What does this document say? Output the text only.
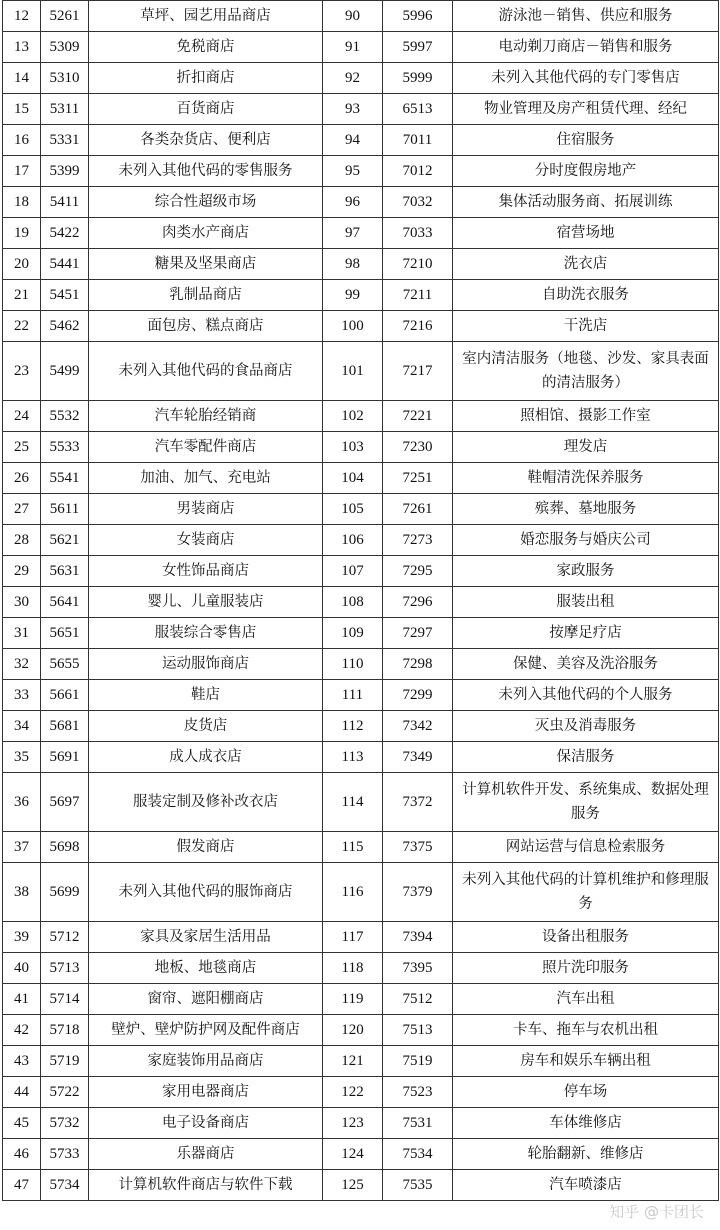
12	5261	草坪、园艺用品商店	90	5996	游泳池－销售、供应和服务
13	5309	免税商店	91	5997	电动剃刀商店－销售和服务
14	5310	折扣商店	92	5999	未列入其他代码的专门零售店
15	5311	百货商店	93	6513	物业管理及房产租赁代理、经纪
16	5331	各类杂货店、便利店	94	7011	住宿服务
17	5399	未列入其他代码的零售服务	95	7012	分时度假房地产
18	5411	综合性超级市场	96	7032	集体活动服务商、拓展训练
19	5422	肉类水产商店	97	7033	宿营场地
20	5441	糖果及坚果商店	98	7210	洗衣店
21	5451	乳制品商店	99	7211	自助洗衣服务
22	5462	面包房、糕点商店	100	7216	干洗店
23	5499	未列入其他代码的食品商店	101	7217	室内清洁服务（地毯、沙发、家具表面的清洁服务）
24	5532	汽车轮胎经销商	102	7221	照相馆、摄影工作室
25	5533	汽车零配件商店	103	7230	理发店
26	5541	加油、加气、充电站	104	7251	鞋帽清洗保养服务
27	5611	男装商店	105	7261	殡葬、墓地服务
28	5621	女装商店	106	7273	婚恋服务与婚庆公司
29	5631	女性饰品商店	107	7295	家政服务
30	5641	婴儿、儿童服装店	108	7296	服装出租
31	5651	服装综合零售店	109	7297	按摩足疗店
32	5655	运动服饰商店	110	7298	保健、美容及洗浴服务
33	5661	鞋店	111	7299	未列入其他代码的个人服务
34	5681	皮货店	112	7342	灭虫及消毒服务
35	5691	成人成衣店	113	7349	保洁服务
36	5697	服装定制及修补改衣店	114	7372	计算机软件开发、系统集成、数据处理服务
37	5698	假发商店	115	7375	网站运营与信息检索服务
38	5699	未列入其他代码的服饰商店	116	7379	未列入其他代码的计算机维护和修理服务
39	5712	家具及家居生活用品	117	7394	设备出租服务
40	5713	地板、地毯商店	118	7395	照片洗印服务
41	5714	窗帘、遮阳棚商店	119	7512	汽车出租
42	5718	壁炉、壁炉防护网及配件商店	120	7513	卡车、拖车与农机出租
43	5719	家庭装饰用品商店	121	7519	房车和娱乐车辆出租
44	5722	家用电器商店	122	7523	停车场
45	5732	电子设备商店	123	7531	车体维修店
46	5733	乐器商店	124	7534	轮胎翻新、维修店
47	5734	计算机软件商店与软件下载	125	7535	汽车喷漆店
知乎 @卡团长
